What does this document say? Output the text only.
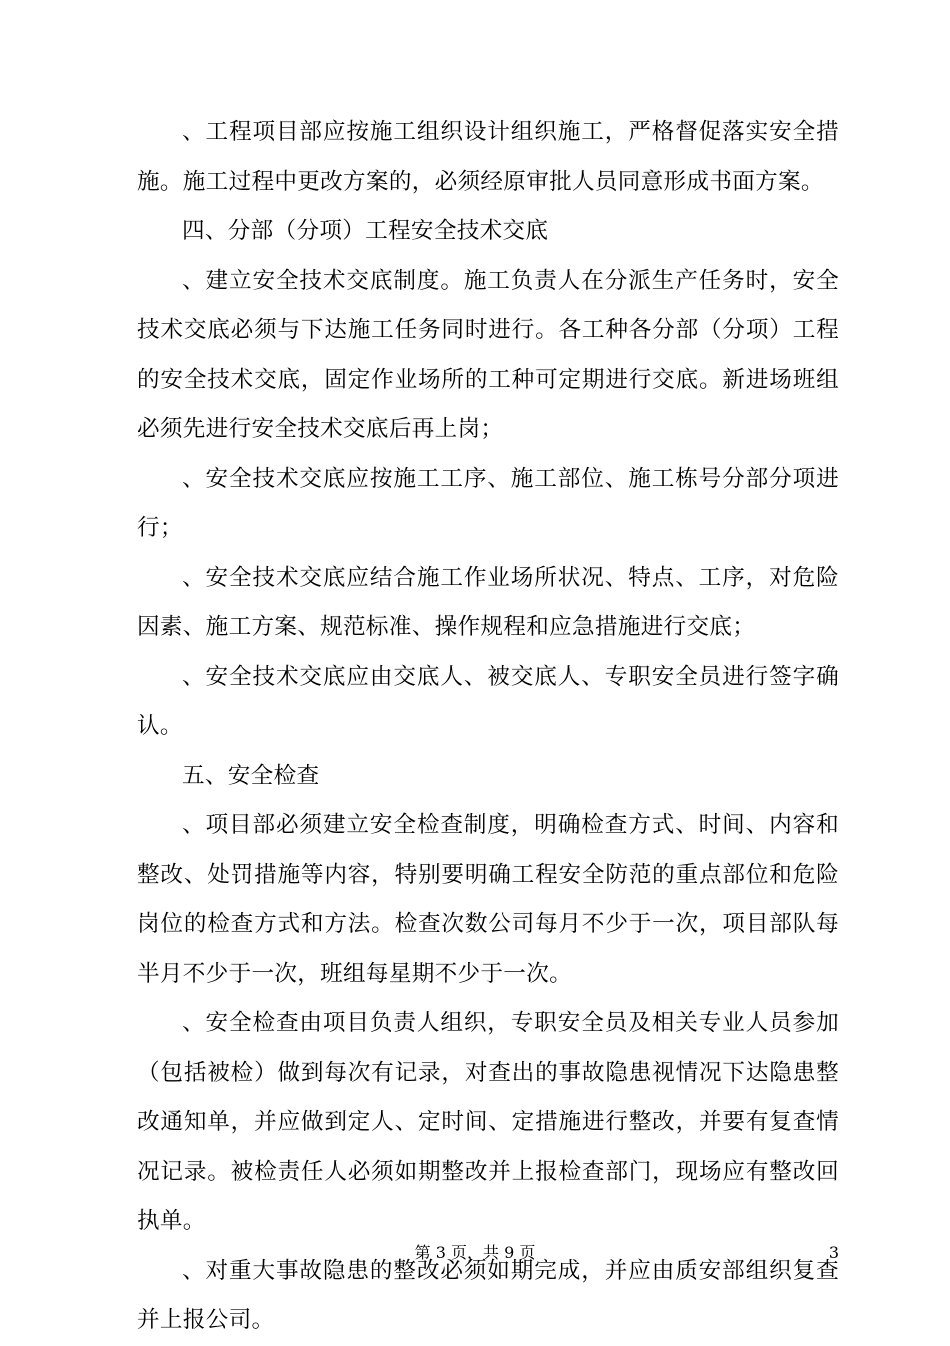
、工程项目部应按施工组织设计组织施工，严格督促落实安全措施。施工过程中更改方案的，必须经原审批人员同意形成书面方案。

四、分部（分项）工程安全技术交底

、建立安全技术交底制度。施工负责人在分派生产任务时，安全技术交底必须与下达施工任务同时进行。各工种各分部（分项）工程的安全技术交底，固定作业场所的工种可定期进行交底。新进场班组必须先进行安全技术交底后再上岗；

、安全技术交底应按施工工序、施工部位、施工栋号分部分项进行；

、安全技术交底应结合施工作业场所状况、特点、工序，对危险因素、施工方案、规范标准、操作规程和应急措施进行交底；

、安全技术交底应由交底人、被交底人、专职安全员进行签字确认。

五、安全检查

、项目部必须建立安全检查制度，明确检查方式、时间、内容和整改、处罚措施等内容，特别要明确工程安全防范的重点部位和危险岗位的检查方式和方法。检查次数公司每月不少于一次，项目部队每半月不少于一次，班组每星期不少于一次。

、安全检查由项目负责人组织，专职安全员及相关专业人员参加（包括被检）做到每次有记录，对查出的事故隐患视情况下达隐患整改通知单，并应做到定人、定时间、定措施进行整改，并要有复查情况记录。被检责任人必须如期整改并上报检查部门，现场应有整改回执单。

、对重大事故隐患的整改必须如期完成，并应由质安部组织复查并上报公司。

第 3 页，共 9 页	3
